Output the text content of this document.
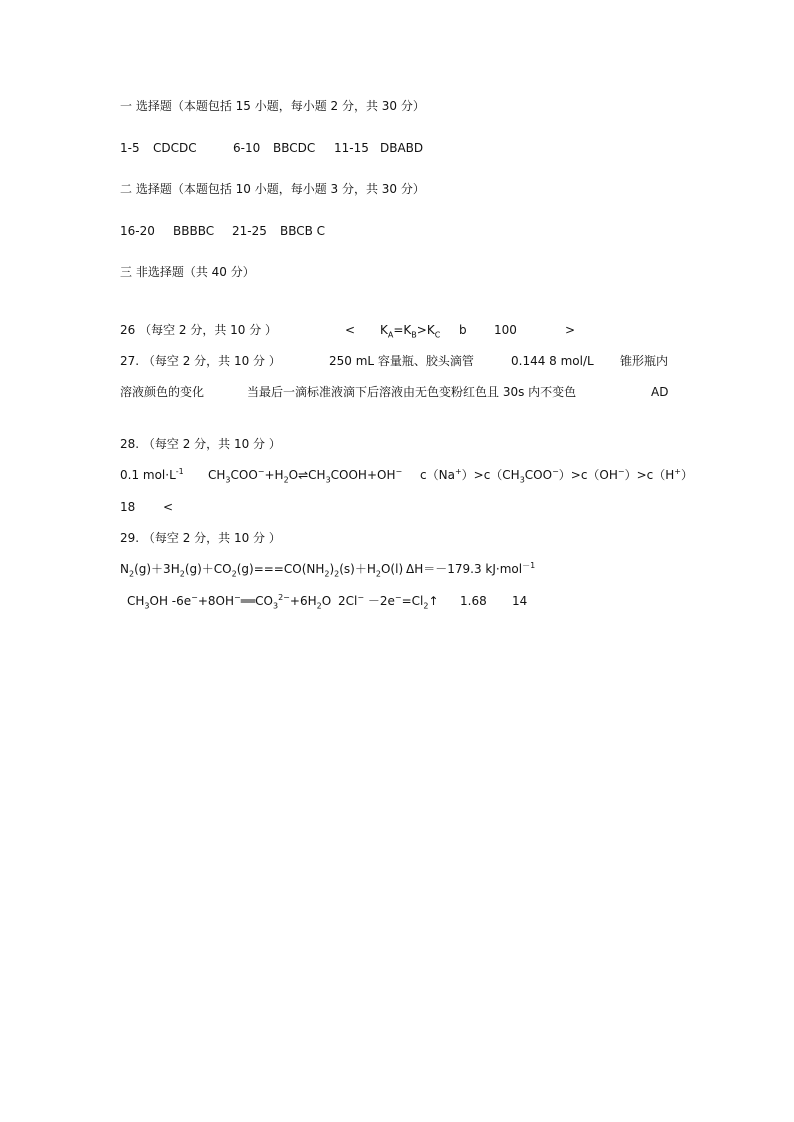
一 选择题（本题包括 15 小题，每小题 2 分，共 30 分）
1-5 CDCDC	6-10 BBCDC 11-15 DBABD
二 选择题（本题包括 10 小题，每小题 3 分，共 30 分）
16-20 BBBBC 21-25 BBCB C
三 非选择题（共 40 分）
26 （每空 2 分，共 10 分 ）	< $K_A=K_B>K_C$ b 100	>
27. （每空 2 分，共 10 分 ）	250 mL 容量瓶、胶头滴管	0.144 8 mol/L 锥形瓶内
溶液颜色的变化	当最后一滴标准液滴下后溶液由无色变粉红色且 30s 内不变色	AD
28. （每空 2 分，共 10 分 ）
0.1 $mol\cdot L^{-1}$ $CH_3COO^-+H_2O\rightleftharpoons CH_3COOH+OH^-$ $c(Na^+)>c(CH_3COO^-)>c(OH^-)>c(H^+)$
18 <
29. （每空 2 分，共 10 分 ）
$N_2(g)+3H_2(g)+CO_2(g)===CO(NH_2)_2(s)+H_2O(l)$ ΔH＝－179.3 kJ·mol$^{-1}$
$CH_3OH$ $-6e^-+8OH^-══CO_3^{2-}+6H_2O$ $2Cl^- -2e^-=Cl_2↑$ 1.68 14
